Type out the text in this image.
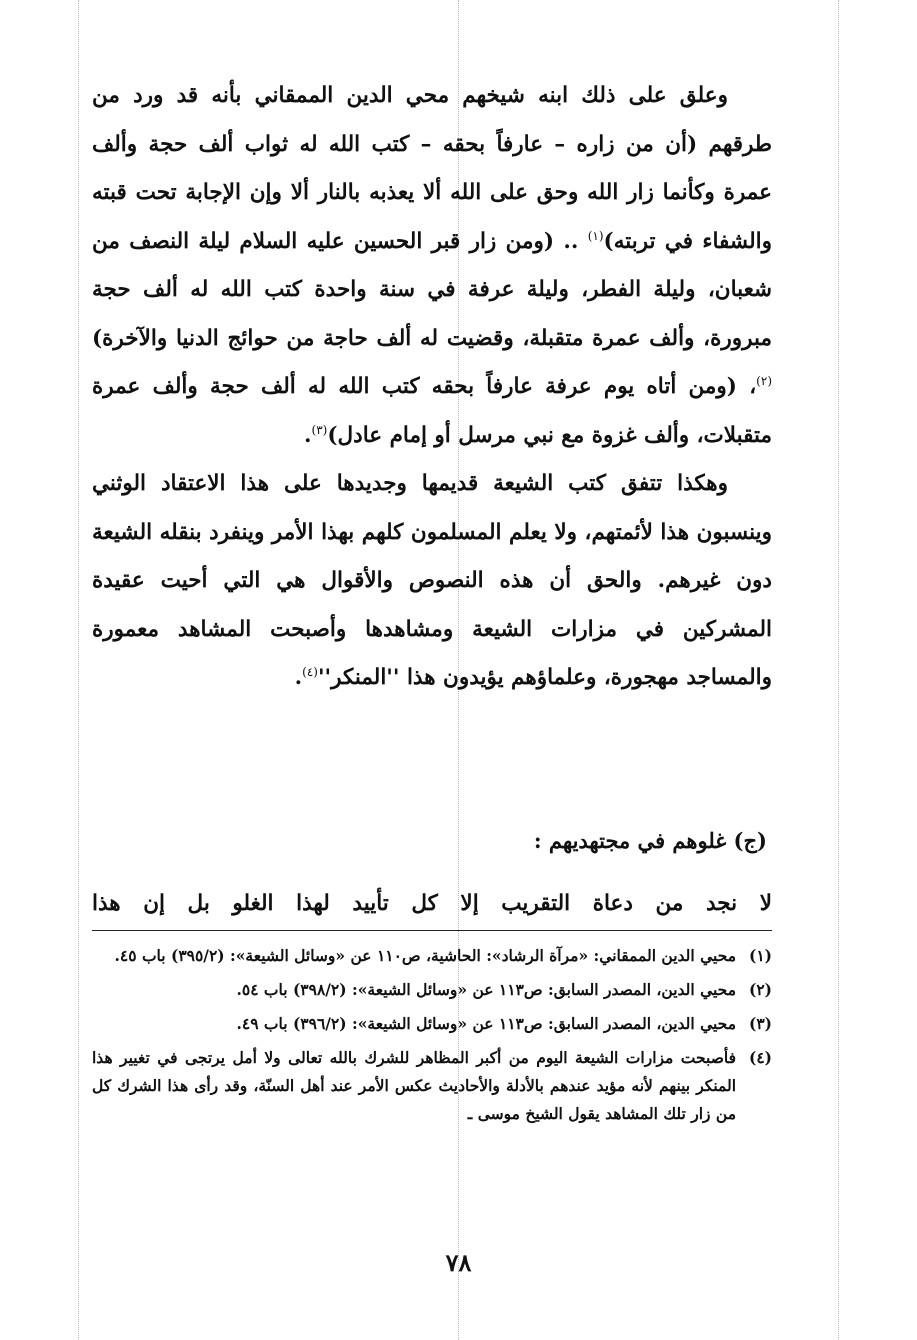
وعلق على ذلك ابنه شيخهم محي الدين الممقاني بأنه قد ورد من طرقهم (أن من زاره – عارفاً بحقه – كتب الله له ثواب ألف حجة وألف عمرة وكأنما زار الله وحق على الله ألا يعذبه بالنار ألا وإن الإجابة تحت قبته والشفاء في تربته)$^{(١)}$ .. (ومن زار قبر الحسين عليه السلام ليلة النصف من شعبان، وليلة الفطر، وليلة عرفة في سنة واحدة كتب الله له ألف حجة مبرورة، وألف عمرة متقبلة، وقضيت له ألف حاجة من حوائج الدنيا والآخرة)$^{(٢)}$، (ومن أتاه يوم عرفة عارفاً بحقه كتب الله له ألف حجة وألف عمرة متقبلات، وألف غزوة مع نبي مرسل أو إمام عادل)$^{(٣)}$.

وهكذا تتفق كتب الشيعة قديمها وجديدها على هذا الاعتقاد الوثني وينسبون هذا لأئمتهم، ولا يعلم المسلمون كلهم بهذا الأمر وينفرد بنقله الشيعة دون غيرهم. والحق أن هذه النصوص والأقوال هي التي أحيت عقيدة المشركين في مزارات الشيعة ومشاهدها وأصبحت المشاهد معمورة والمساجد مهجورة، وعلماؤهم يؤيدون هذا ''$المنكر''^{(٤)}$.

(ج) غلوهم في مجتهديهم :
لا نجد من دعاة التقريب إلا كل تأييد لهذا الغلو بل إن هذا
(١)
محيي الدين الممقاني: «مرآة الرشاد»: الحاشية، ص١١٠ عن «وسائل الشيعة»: (٣٩٥/٢) باب ٤٥.
(٢)
محيي الدين، المصدر السابق: ص١١٣ عن «وسائل الشيعة»: (٣٩٨/٢) باب ٥٤.
(٣)
محيي الدين، المصدر السابق: ص١١٣ عن «وسائل الشيعة»: (٣٩٦/٢) باب ٤٩.
(٤)
فأصبحت مزارات الشيعة اليوم من أكبر المظاهر للشرك بالله تعالى ولا أمل يرتجى في تغيير هذا المنكر بينهم لأنه مؤيد عندهم بالأدلة والأحاديث عكس الأمر عند أهل السنّة، وقد رأى هذا الشرك كل من زار تلك المشاهد يقول الشيخ موسى ـ
٧٨
